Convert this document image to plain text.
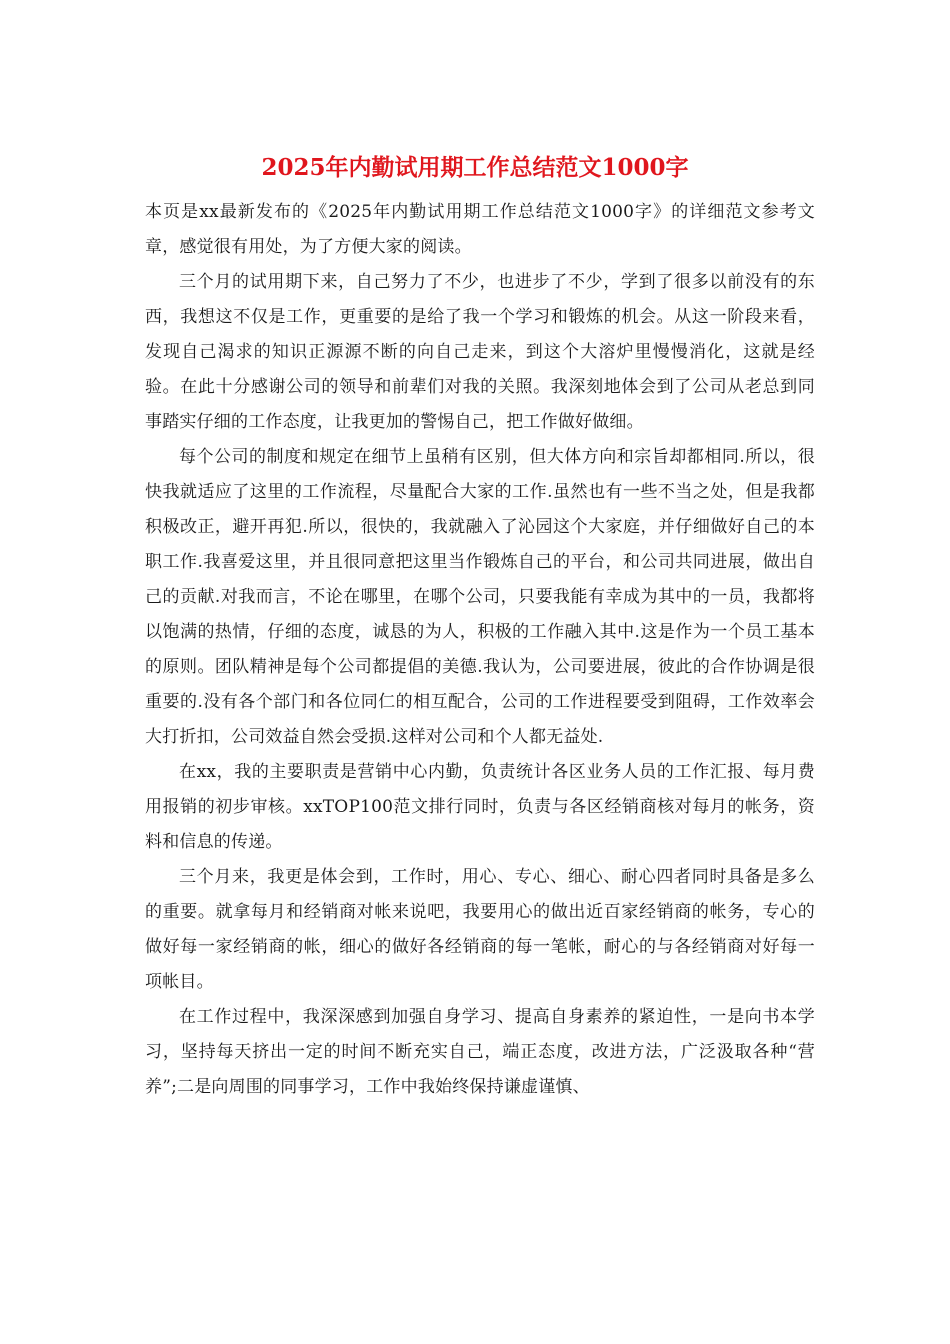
2025年内勤试用期工作总结范文1000字

本页是xx最新发布的《2025年内勤试用期工作总结范文1000字》的详细范文参考文章，感觉很有用处，为了方便大家的阅读。

三个月的试用期下来，自己努力了不少，也进步了不少，学到了很多以前没有的东西，我想这不仅是工作，更重要的是给了我一个学习和锻炼的机会。从这一阶段来看，发现自己渴求的知识正源源不断的向自己走来，到这个大溶炉里慢慢消化，这就是经验。在此十分感谢公司的领导和前辈们对我的关照。我深刻地体会到了公司从老总到同事踏实仔细的工作态度，让我更加的警惕自己，把工作做好做细。

每个公司的制度和规定在细节上虽稍有区别，但大体方向和宗旨却都相同.所以，很快我就适应了这里的工作流程，尽量配合大家的工作.虽然也有一些不当之处，但是我都积极改正，避开再犯.所以，很快的，我就融入了沁园这个大家庭，并仔细做好自己的本职工作.我喜爱这里，并且很同意把这里当作锻炼自己的平台，和公司共同进展，做出自己的贡献.对我而言，不论在哪里，在哪个公司，只要我能有幸成为其中的一员，我都将以饱满的热情，仔细的态度，诚恳的为人，积极的工作融入其中.这是作为一个员工基本的原则。团队精神是每个公司都提倡的美德.我认为，公司要进展，彼此的合作协调是很重要的.没有各个部门和各位同仁的相互配合，公司的工作进程要受到阻碍，工作效率会大打折扣，公司效益自然会受损.这样对公司和个人都无益处.

在xx，我的主要职责是营销中心内勤，负责统计各区业务人员的工作汇报、每月费用报销的初步审核。xxTOP100范文排行同时，负责与各区经销商核对每月的帐务，资料和信息的传递。

三个月来，我更是体会到，工作时，用心、专心、细心、耐心四者同时具备是多么的重要。就拿每月和经销商对帐来说吧，我要用心的做出近百家经销商的帐务，专心的做好每一家经销商的帐，细心的做好各经销商的每一笔帐，耐心的与各经销商对好每一项帐目。

在工作过程中，我深深感到加强自身学习、提高自身素养的紧迫性，一是向书本学习，坚持每天挤出一定的时间不断充实自己，端正态度，改进方法，广泛汲取各种“营养”;二是向周围的同事学习，工作中我始终保持谦虚谨慎、
